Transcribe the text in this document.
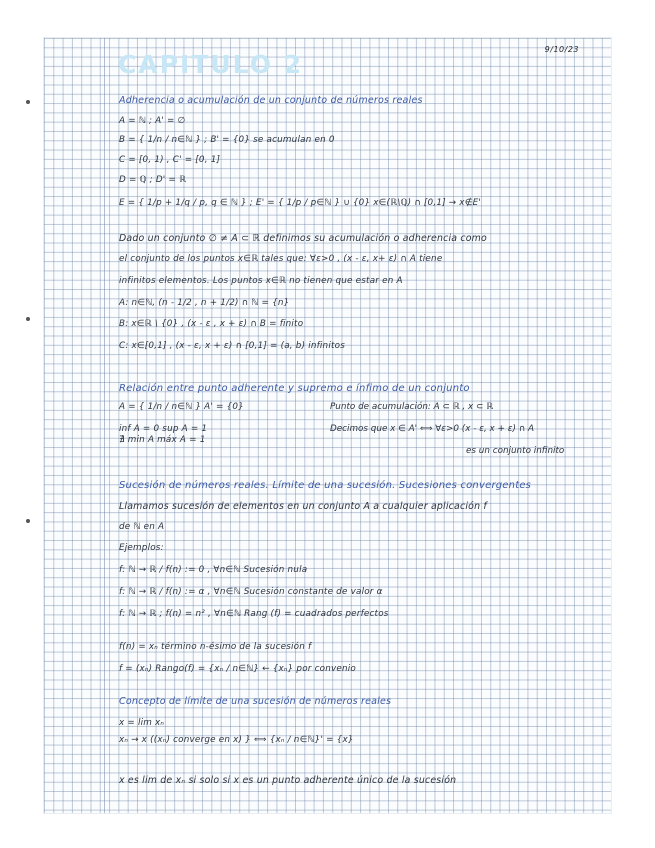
9/10/23
CAPITULO 2
Adherencia o acumulación de un conjunto de números reales
A = ℕ ; A' = ∅
B = { 1/n / n∈ℕ } ; B' = {0} se acumulan en 0
C = [0, 1) , C' = [0, 1]
D = ℚ ; D' = ℝ
E = { 1/p + 1/q / p, q ∈ ℕ } ; E' = { 1/p / p∈ℕ } ∪ {0} x∈(ℝ\ℚ) ∩ [0,1] → x∉E'
Dado un conjunto ∅ ≠ A ⊂ ℝ definimos su acumulación o adherencia como
el conjunto de los puntos x∈ℝ tales que: ∀ε>0 , (x - ε, x+ ε) ∩ A tiene
infinitos elementos. Los puntos x∈ℝ no tienen que estar en A
A: n∈ℕ, (n - 1/2 , n + 1/2) ∩ ℕ = {n}
B: x∈ℝ \ {0} , (x - ε , x + ε) ∩ B = finito
C: x∈[0,1] , (x - ε, x + ε) ∩ [0,1] = (a, b) infinitos
Relación entre punto adherente y supremo e ínfimo de un conjunto
A = { 1/n / n∈ℕ } A' = {0}
inf A = 0 sup A = 1
∄ min A máx A = 1
Punto de acumulación: A ⊂ ℝ , x ⊂ ℝ
Decimos que x ∈ A' ⟺ ∀ε>0 (x - ε, x + ε) ∩ A
es un conjunto infinito
Sucesión de números reales. Límite de una sucesión. Sucesiones convergentes
Llamamos sucesión de elementos en un conjunto A a cualquier aplicación f
de ℕ en A
Ejemplos:
f: ℕ → ℝ / f(n) := 0 , ∀n∈ℕ Sucesión nula
f: ℕ → ℝ / f(n) := α , ∀n∈ℕ Sucesión constante de valor α
f: ℕ → ℝ ; f(n) = n² , ∀n∈ℕ Rang (f) = cuadrados perfectos
f(n) = xₙ término n-ésimo de la sucesión f
f = (xₙ) Rango(f) = {xₙ / n∈ℕ} ← {xₙ} por convenio
Concepto de límite de una sucesión de números reales
x = lim xₙ
xₙ → x ((xₙ) converge en x) } ⟺ {xₙ / n∈ℕ}' = {x}
x es lim de xₙ si solo si x es un punto adherente único de la sucesión
